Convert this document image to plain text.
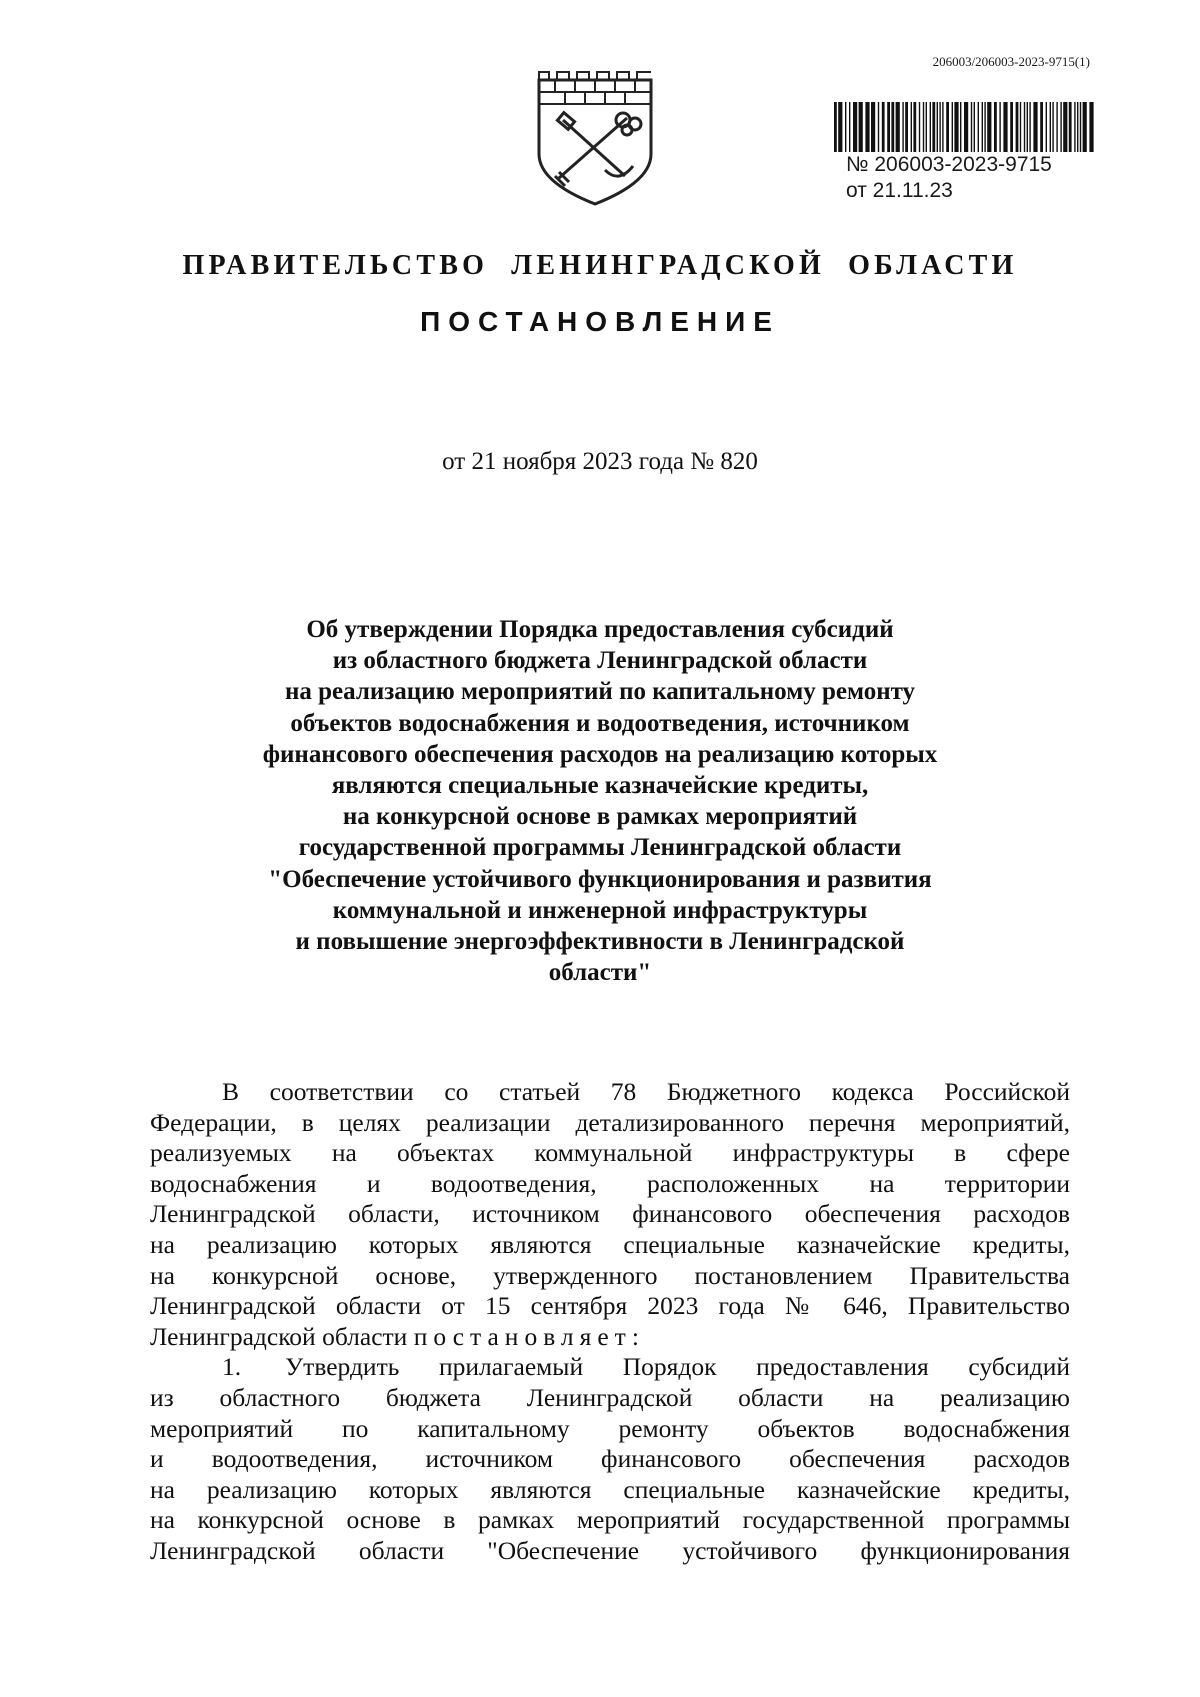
206003/206003-2023-9715(1)
№ 206003-2023-9715
от 21.11.23
ПРАВИТЕЛЬСТВО ЛЕНИНГРАДСКОЙ ОБЛАСТИ
ПОСТАНОВЛЕНИЕ
от 21 ноября 2023 года № 820
Об утверждении Порядка предоставления субсидий
из областного бюджета Ленинградской области
на реализацию мероприятий по капитальному ремонту
объектов водоснабжения и водоотведения, источником
финансового обеспечения расходов на реализацию которых
являются специальные казначейские кредиты,
на конкурсной основе в рамках мероприятий
государственной программы Ленинградской области
"Обеспечение устойчивого функционирования и развития
коммунальной и инженерной инфраструктуры
и повышение энергоэффективности в Ленинградской
области"
В соответствии со статьей 78 Бюджетного кодекса Российской
Федерации, в целях реализации детализированного перечня мероприятий,
реализуемых на объектах коммунальной инфраструктуры в сфере
водоснабжения и водоотведения, расположенных на территории
Ленинградской области, источником финансового обеспечения расходов
на реализацию которых являются специальные казначейские кредиты,
на конкурсной основе, утвержденного постановлением Правительства
Ленинградской области от 15 сентября 2023 года № 646, Правительство
Ленинградской области постановляет:
1. Утвердить прилагаемый Порядок предоставления субсидий
из областного бюджета Ленинградской области на реализацию
мероприятий по капитальному ремонту объектов водоснабжения
и водоотведения, источником финансового обеспечения расходов
на реализацию которых являются специальные казначейские кредиты,
на конкурсной основе в рамках мероприятий государственной программы
Ленинградской области "Обеспечение устойчивого функционирования
